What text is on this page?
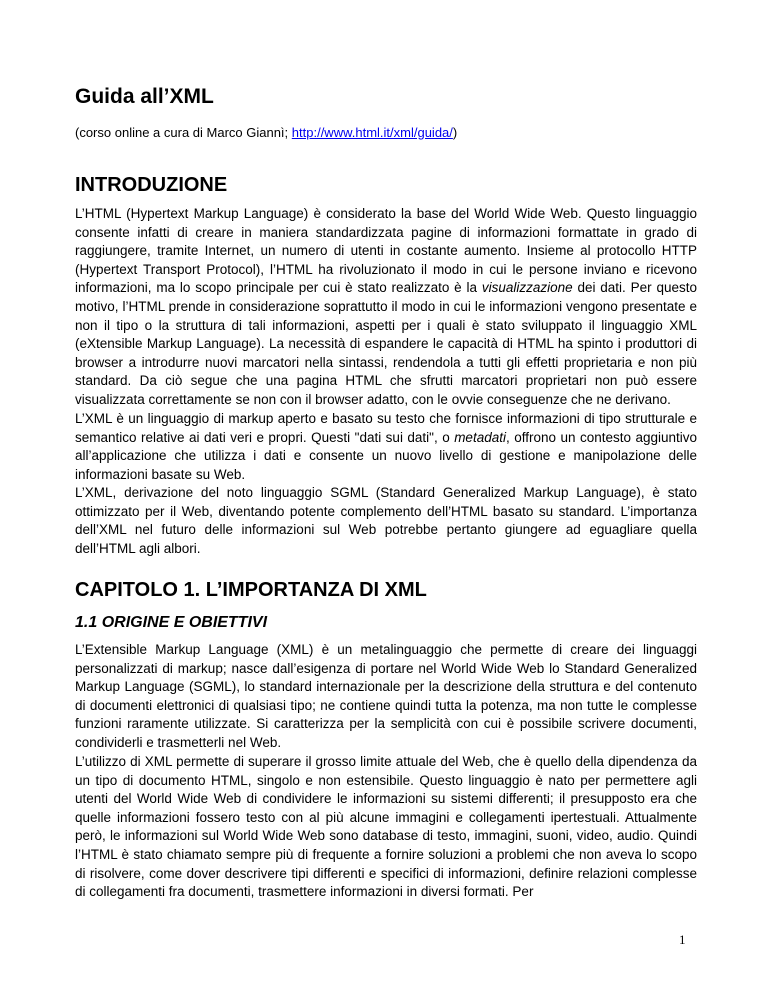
Guida all’XML

(corso online a cura di Marco Giannì; http://www.html.it/xml/guida/)

INTRODUZIONE

L’HTML (Hypertext Markup Language) è considerato la base del World Wide Web. Questo linguaggio consente infatti di creare in maniera standardizzata pagine di informazioni formattate in grado di raggiungere, tramite Internet, un numero di utenti in costante aumento. Insieme al protocollo HTTP (Hypertext Transport Protocol), l’HTML ha rivoluzionato il modo in cui le persone inviano e ricevono informazioni, ma lo scopo principale per cui è stato realizzato è la visualizzazione dei dati. Per questo motivo, l’HTML prende in considerazione soprattutto il modo in cui le informazioni vengono presentate e non il tipo o la struttura di tali informazioni, aspetti per i quali è stato sviluppato il linguaggio XML (eXtensible Markup Language). La necessità di espandere le capacità di HTML ha spinto i produttori di browser a introdurre nuovi marcatori nella sintassi, rendendola a tutti gli effetti proprietaria e non più standard. Da ciò segue che una pagina HTML che sfrutti marcatori proprietari non può essere visualizzata correttamente se non con il browser adatto, con le ovvie conseguenze che ne derivano.

L’XML è un linguaggio di markup aperto e basato su testo che fornisce informazioni di tipo strutturale e semantico relative ai dati veri e propri. Questi "dati sui dati", o metadati, offrono un contesto aggiuntivo all’applicazione che utilizza i dati e consente un nuovo livello di gestione e manipolazione delle informazioni basate su Web.

L’XML, derivazione del noto linguaggio SGML (Standard Generalized Markup Language), è stato ottimizzato per il Web, diventando potente complemento dell’HTML basato su standard. L’importanza dell’XML nel futuro delle informazioni sul Web potrebbe pertanto giungere ad eguagliare quella dell’HTML agli albori.

CAPITOLO 1. L’IMPORTANZA DI XML
1.1 ORIGINE E OBIETTIVI

L’Extensible Markup Language (XML) è un metalinguaggio che permette di creare dei linguaggi personalizzati di markup; nasce dall’esigenza di portare nel World Wide Web lo Standard Generalized Markup Language (SGML), lo standard internazionale per la descrizione della struttura e del contenuto di documenti elettronici di qualsiasi tipo; ne contiene quindi tutta la potenza, ma non tutte le complesse funzioni raramente utilizzate. Si caratterizza per la semplicità con cui è possibile scrivere documenti, condividerli e trasmetterli nel Web.

L’utilizzo di XML permette di superare il grosso limite attuale del Web, che è quello della dipendenza da un tipo di documento HTML, singolo e non estensibile. Questo linguaggio è nato per permettere agli utenti del World Wide Web di condividere le informazioni su sistemi differenti; il presupposto era che quelle informazioni fossero testo con al più alcune immagini e collegamenti ipertestuali. Attualmente però, le informazioni sul World Wide Web sono database di testo, immagini, suoni, video, audio. Quindi l’HTML è stato chiamato sempre più di frequente a fornire soluzioni a problemi che non aveva lo scopo di risolvere, come dover descrivere tipi differenti e specifici di informazioni, definire relazioni complesse di collegamenti fra documenti, trasmettere informazioni in diversi formati. Per

1
